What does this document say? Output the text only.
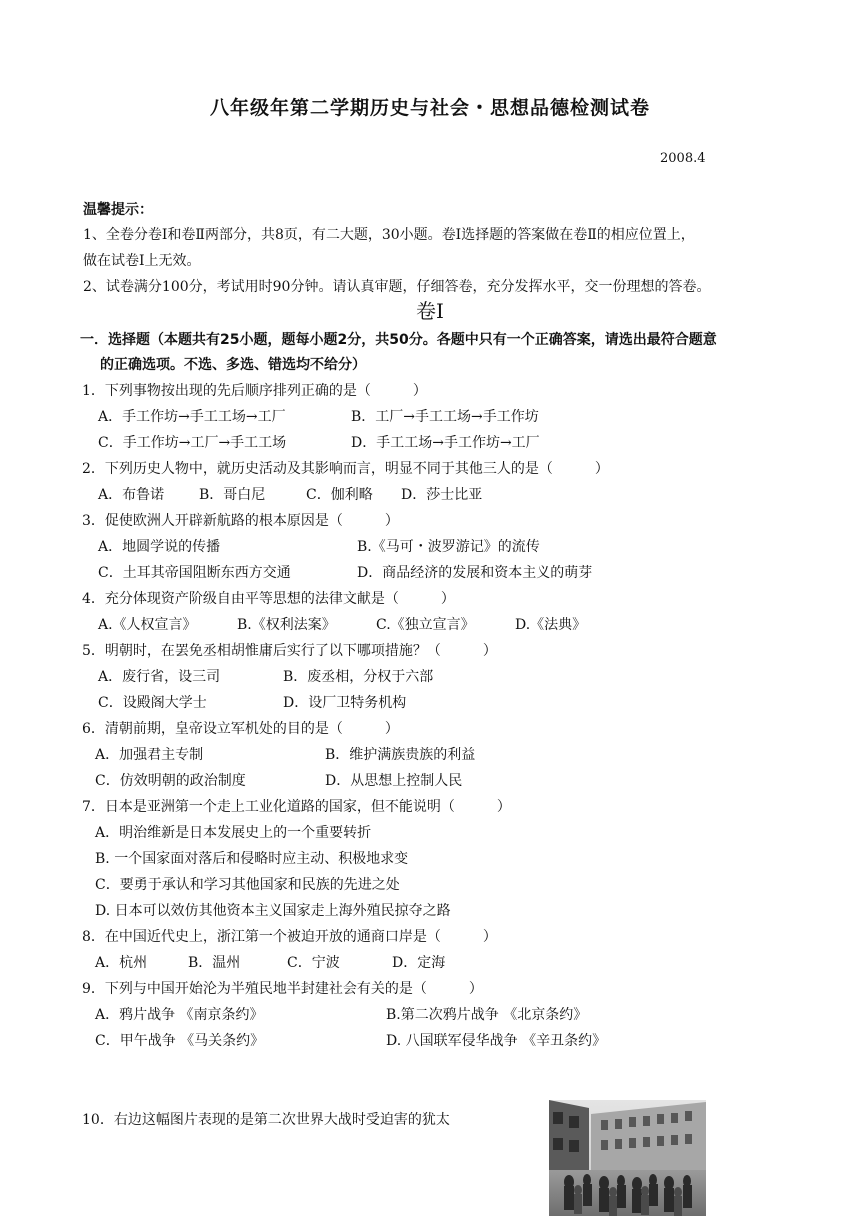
八年级年第二学期历史与社会・思想品德检测试卷
2008.4
温馨提示：
1、全卷分卷Ⅰ和卷Ⅱ两部分，共8页，有二大题，30小题。卷Ⅰ选择题的答案做在卷Ⅱ的相应位置上，
做在试卷Ⅰ上无效。
2、试卷满分100分，考试用时90分钟。请认真审题，仔细答卷，充分发挥水平，交一份理想的答卷。
卷Ⅰ
一．选择题（本题共有25小题，题每小题2分，共50分。各题中只有一个正确答案，请选出最符合题意
的正确选项。不选、多选、错选均不给分）
1．下列事物按出现的先后顺序排列正确的是（　　　）
A．手工作坊→手工工场→工厂	B．工厂→手工工场→手工作坊
C．手工作坊→工厂→手工工场	D．手工工场→手工作坊→工厂
2．下列历史人物中，就历史活动及其影响而言，明显不同于其他三人的是（　　　）
A．布鲁诺 B．哥白尼	C．伽利略 D．莎士比亚
3．促使欧洲人开辟新航路的根本原因是（　　　）
A．地圆学说的传播	B.《马可・波罗游记》的流传
C．土耳其帝国阻断东西方交通	D．商品经济的发展和资本主义的萌芽
4．充分体现资产阶级自由平等思想的法律文献是（　　　）
A.《人权宣言》	B.《权利法案》	C.《独立宣言》	D.《法典》
5．明朝时，在罢免丞相胡惟庸后实行了以下哪项措施？（　　　）
A．废行省，设三司	B．废丞相，分权于六部
C．设殿阁大学士	D．设厂卫特务机构
6．清朝前期，皇帝设立军机处的目的是（　　　）
A．加强君主专制	B．维护满族贵族的利益
C．仿效明朝的政治制度	D．从思想上控制人民
7．日本是亚洲第一个走上工业化道路的国家，但不能说明（　　　）
A．明治维新是日本发展史上的一个重要转折
B. 一个国家面对落后和侵略时应主动、积极地求变
C．要勇于承认和学习其他国家和民族的先进之处
D. 日本可以效仿其他资本主义国家走上海外殖民掠夺之路
8．在中国近代史上，浙江第一个被迫开放的通商口岸是（　　　）
A．杭州	B．温州	C．宁波	D．定海
9．下列与中国开始沦为半殖民地半封建社会有关的是（　　　）
A．鸦片战争 《南京条约》	B.第二次鸦片战争 《北京条约》
C．甲午战争 《马关条约》	D. 八国联军侵华战争 《辛丑条约》
10．右边这幅图片表现的是第二次世界大战时受迫害的犹太
